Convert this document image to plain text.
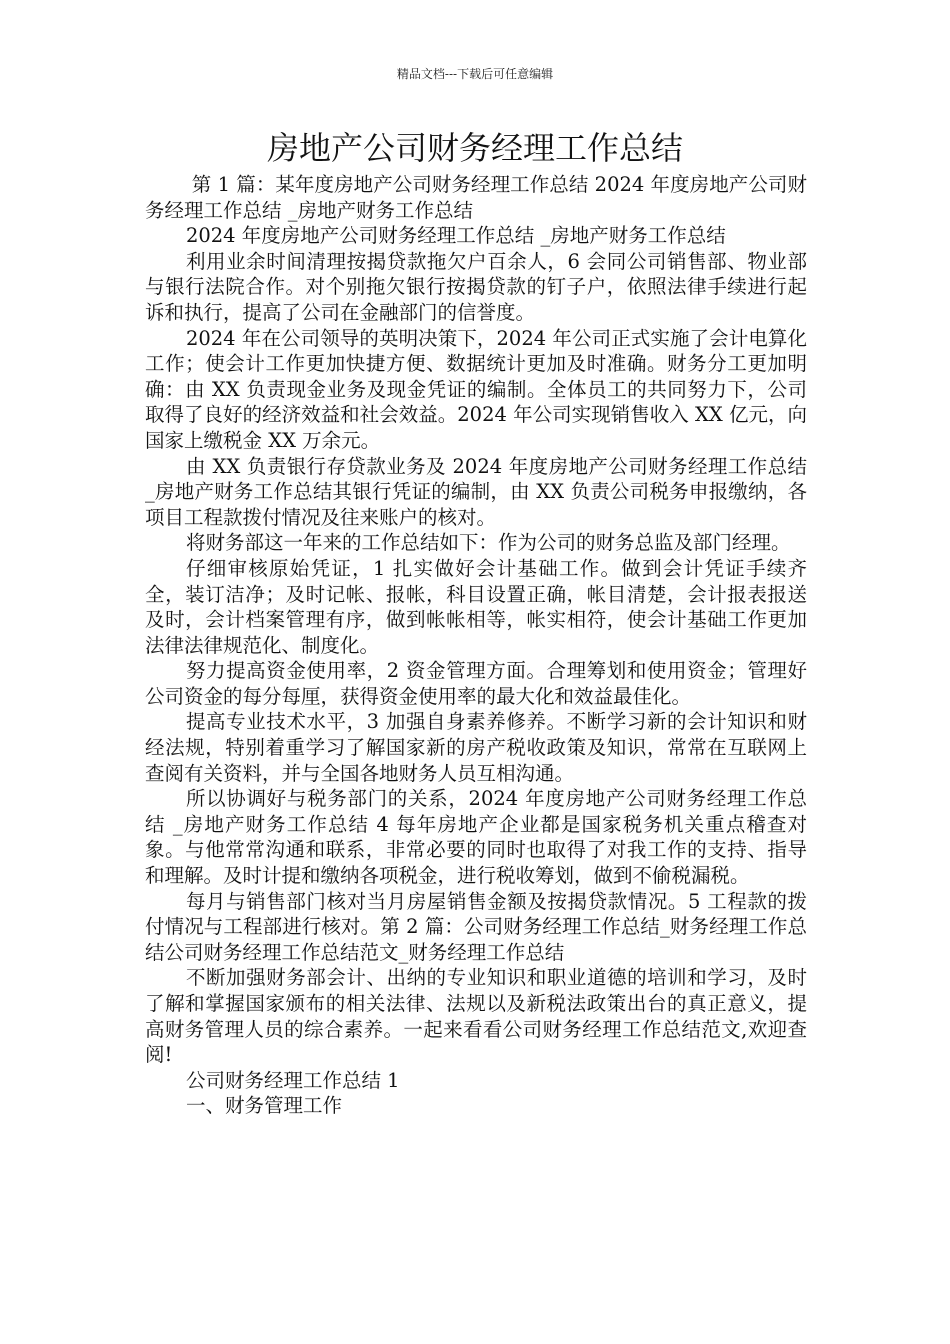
精品文档---下载后可任意编辑
房地产公司财务经理工作总结

第 1 篇：某年度房地产公司财务经理工作总结 2024 年度房地产公司财务经理工作总结 _房地产财务工作总结

2024 年度房地产公司财务经理工作总结 _房地产财务工作总结

利用业余时间清理按揭贷款拖欠户百余人，6 会同公司销售部、物业部与银行法院合作。对个别拖欠银行按揭贷款的钉子户，依照法律手续进行起诉和执行，提高了公司在金融部门的信誉度。

2024 年在公司领导的英明决策下，2024 年公司正式实施了会计电算化工作；使会计工作更加快捷方便、数据统计更加及时准确。财务分工更加明确：由 XX 负责现金业务及现金凭证的编制。全体员工的共同努力下，公司取得了良好的经济效益和社会效益。2024 年公司实现销售收入 XX 亿元，向国家上缴税金 XX 万余元。

由 XX 负责银行存贷款业务及 2024 年度房地产公司财务经理工作总结 _房地产财务工作总结其银行凭证的编制，由 XX 负责公司税务申报缴纳，各项目工程款拨付情况及往来账户的核对。

将财务部这一年来的工作总结如下：作为公司的财务总监及部门经理。

仔细审核原始凭证，1 扎实做好会计基础工作。做到会计凭证手续齐全，装订洁净；及时记帐、报帐，科目设置正确，帐目清楚，会计报表报送及时，会计档案管理有序，做到帐帐相等，帐实相符，使会计基础工作更加法律法律规范化、制度化。

努力提高资金使用率，2 资金管理方面。合理筹划和使用资金；管理好公司资金的每分每厘，获得资金使用率的最大化和效益最佳化。

提高专业技术水平，3 加强自身素养修养。不断学习新的会计知识和财经法规，特别着重学习了解国家新的房产税收政策及知识，常常在互联网上查阅有关资料，并与全国各地财务人员互相沟通。

所以协调好与税务部门的关系，2024 年度房地产公司财务经理工作总结 _房地产财务工作总结 4 每年房地产企业都是国家税务机关重点稽查对象。与他常常沟通和联系，非常必要的同时也取得了对我工作的支持、指导和理解。及时计提和缴纳各项税金，进行税收筹划，做到不偷税漏税。

每月与销售部门核对当月房屋销售金额及按揭贷款情况。5 工程款的拨付情况与工程部进行核对。第 2 篇：公司财务经理工作总结_财务经理工作总结公司财务经理工作总结范文_财务经理工作总结

不断加强财务部会计、出纳的专业知识和职业道德的培训和学习，及时了解和掌握国家颁布的相关法律、法规以及新税法政策出台的真正意义，提高财务管理人员的综合素养。一起来看看公司财务经理工作总结范文,欢迎查阅!

公司财务经理工作总结 1

一、财务管理工作
